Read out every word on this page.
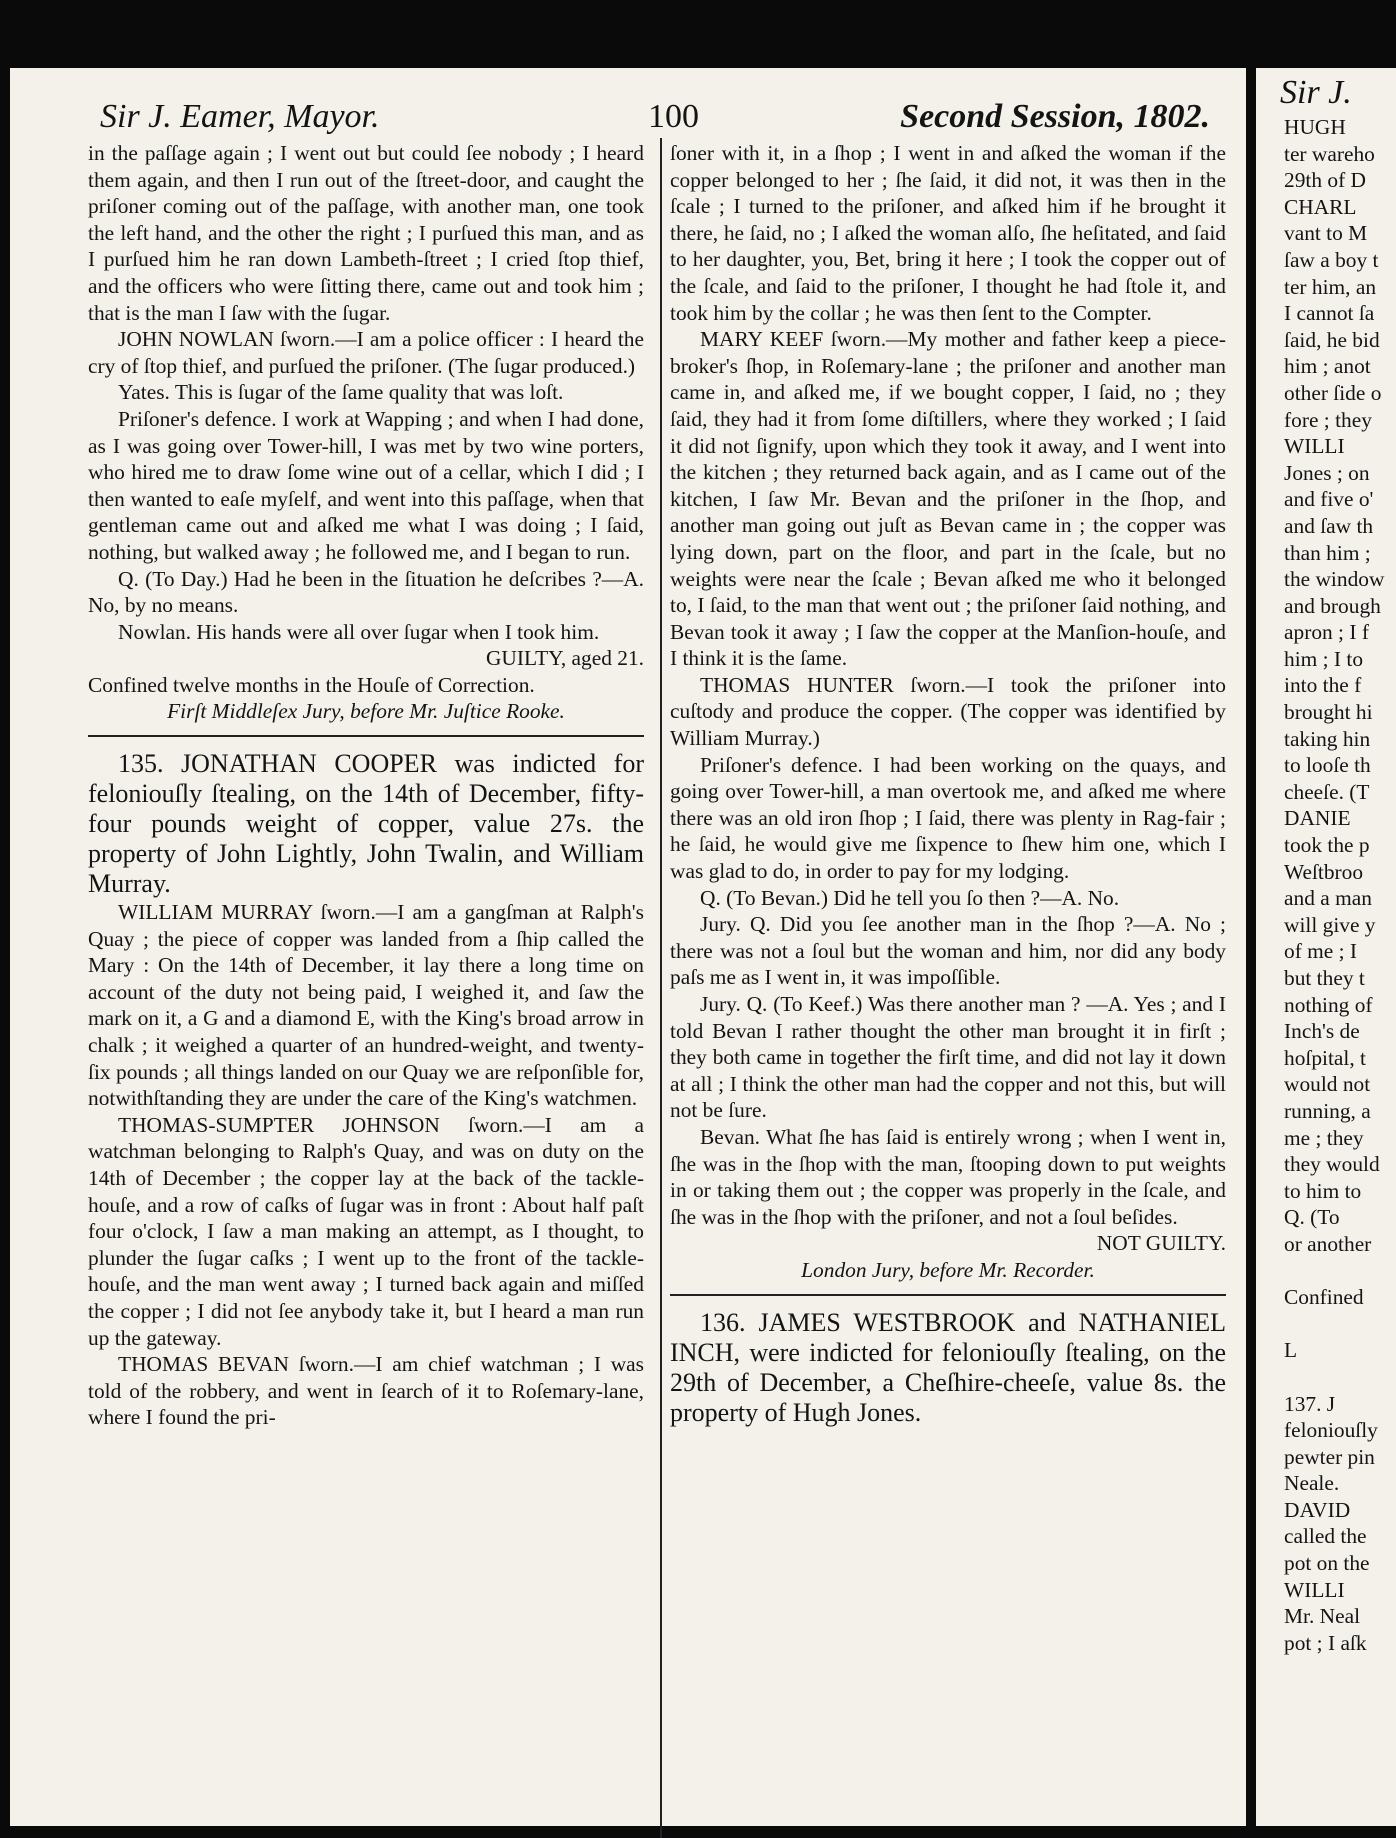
Sir J. Eamer, Mayor.	100	Second Session, 1802.

in the paſſage again ; I went out but could ſee nobody ; I heard them again, and then I run out of the ſtreet-door, and caught the priſoner coming out of the paſſage, with another man, one took the left hand, and the other the right ; I purſued this man, and as I purſued him he ran down Lambeth-ſtreet ; I cried ſtop thief, and the officers who were ſitting there, came out and took him ; that is the man I ſaw with the ſugar.

JOHN NOWLAN ſworn.—I am a police officer : I heard the cry of ſtop thief, and purſued the priſoner. (The ſugar produced.)

Yates. This is ſugar of the ſame quality that was loſt.

Priſoner's defence. I work at Wapping ; and when I had done, as I was going over Tower-hill, I was met by two wine porters, who hired me to draw ſome wine out of a cellar, which I did ; I then wanted to eaſe myſelf, and went into this paſſage, when that gentleman came out and aſked me what I was doing ; I ſaid, nothing, but walked away ; he followed me, and I began to run.

Q. (To Day.) Had he been in the ſituation he deſcribes ?—A. No, by no means.

Nowlan. His hands were all over ſugar when I took him.

GUILTY, aged 21.

Confined twelve months in the Houſe of Correction.

Firſt Middleſex Jury, before Mr. Juſtice Rooke.

135. JONATHAN COOPER was indicted for feloniouſly ſtealing, on the 14th of December, fifty-four pounds weight of copper, value 27s. the property of John Lightly, John Twalin, and William Murray.

WILLIAM MURRAY ſworn.—I am a gangſman at Ralph's Quay ; the piece of copper was landed from a ſhip called the Mary : On the 14th of December, it lay there a long time on account of the duty not being paid, I weighed it, and ſaw the mark on it, a G and a diamond E, with the King's broad arrow in chalk ; it weighed a quarter of an hundred-weight, and twenty-ſix pounds ; all things landed on our Quay we are reſponſible for, notwithſtanding they are under the care of the King's watchmen.

THOMAS-SUMPTER JOHNSON ſworn.—I am a watchman belonging to Ralph's Quay, and was on duty on the 14th of December ; the copper lay at the back of the tackle-houſe, and a row of caſks of ſugar was in front : About half paſt four o'clock, I ſaw a man making an attempt, as I thought, to plunder the ſugar caſks ; I went up to the front of the tackle-houſe, and the man went away ; I turned back again and miſſed the copper ; I did not ſee anybody take it, but I heard a man run up the gateway.

THOMAS BEVAN ſworn.—I am chief watchman ; I was told of the robbery, and went in ſearch of it to Roſemary-lane, where I found the pri-

ſoner with it, in a ſhop ; I went in and aſked the woman if the copper belonged to her ; ſhe ſaid, it did not, it was then in the ſcale ; I turned to the priſoner, and aſked him if he brought it there, he ſaid, no ; I aſked the woman alſo, ſhe heſitated, and ſaid to her daughter, you, Bet, bring it here ; I took the copper out of the ſcale, and ſaid to the priſoner, I thought he had ſtole it, and took him by the collar ; he was then ſent to the Compter.

MARY KEEF ſworn.—My mother and father keep a piece-broker's ſhop, in Roſemary-lane ; the priſoner and another man came in, and aſked me, if we bought copper, I ſaid, no ; they ſaid, they had it from ſome diſtillers, where they worked ; I ſaid it did not ſignify, upon which they took it away, and I went into the kitchen ; they returned back again, and as I came out of the kitchen, I ſaw Mr. Bevan and the priſoner in the ſhop, and another man going out juſt as Bevan came in ; the copper was lying down, part on the floor, and part in the ſcale, but no weights were near the ſcale ; Bevan aſked me who it belonged to, I ſaid, to the man that went out ; the priſoner ſaid nothing, and Bevan took it away ; I ſaw the copper at the Manſion-houſe, and I think it is the ſame.

THOMAS HUNTER ſworn.—I took the priſoner into cuſtody and produce the copper. (The copper was identified by William Murray.)

Priſoner's defence. I had been working on the quays, and going over Tower-hill, a man overtook me, and aſked me where there was an old iron ſhop ; I ſaid, there was plenty in Rag-fair ; he ſaid, he would give me ſixpence to ſhew him one, which I was glad to do, in order to pay for my lodging.

Q. (To Bevan.) Did he tell you ſo then ?—A. No.

Jury. Q. Did you ſee another man in the ſhop ?—A. No ; there was not a ſoul but the woman and him, nor did any body paſs me as I went in, it was impoſſible.

Jury. Q. (To Keef.) Was there another man ? —A. Yes ; and I told Bevan I rather thought the other man brought it in firſt ; they both came in together the firſt time, and did not lay it down at all ; I think the other man had the copper and not this, but will not be ſure.

Bevan. What ſhe has ſaid is entirely wrong ; when I went in, ſhe was in the ſhop with the man, ſtooping down to put weights in or taking them out ; the copper was properly in the ſcale, and ſhe was in the ſhop with the priſoner, and not a ſoul beſides.

NOT GUILTY.

London Jury, before Mr. Recorder.

136. JAMES WESTBROOK and NATHANIEL INCH, were indicted for feloniouſly ſtealing, on the 29th of December, a Cheſhire-cheeſe, value 8s. the property of Hugh Jones.

Sir J.
HUGH
ter wareho
29th of D
CHARL
vant to M
ſaw a boy t
ter him, an
I cannot ſa
ſaid, he bid
him ; anot
other ſide o
fore ; they
WILLI
Jones ; on
and five o'
and ſaw th
than him ;
the window
and brough
apron ; I f
him ; I to
into the f
brought hi
taking hin
to looſe th
cheeſe. (T
DANIE
took the p
Weſtbroo
and a man
will give y
of me ; I
but they t
nothing of
Inch's de
hoſpital, t
would not
running, a
me ; they
they would
to him to
Q. (To
or another
Confined
L
137. J
feloniouſly
pewter pin
Neale.
DAVID
called the
pot on the
WILLI
Mr. Neal
pot ; I aſk
